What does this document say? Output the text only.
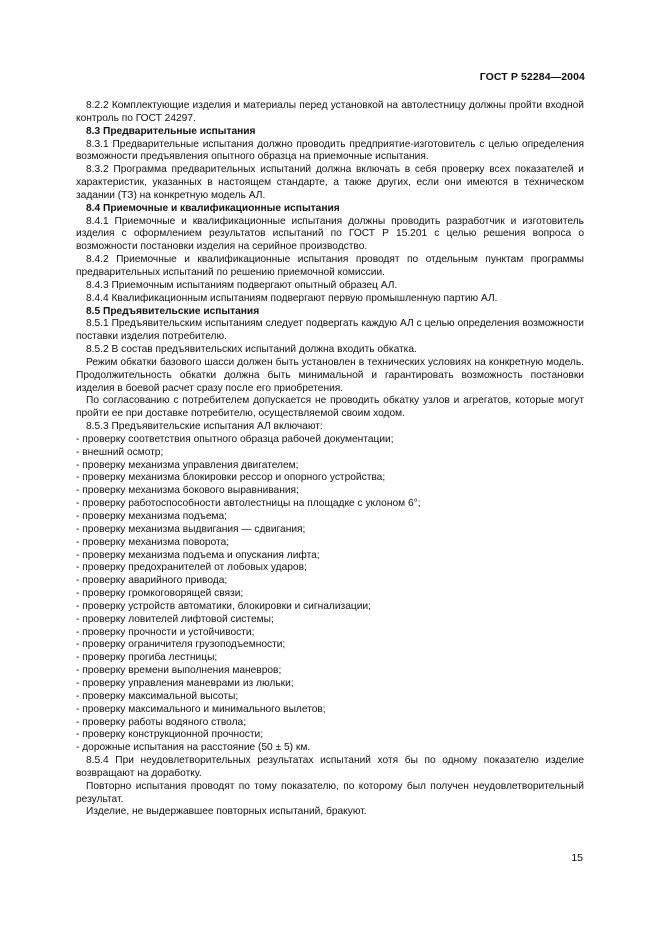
ГОСТ Р 52284—2004

8.2.2 Комплектующие изделия и материалы перед установкой на автолестницу должны пройти входной контроль по ГОСТ 24297.

8.3 Предварительные испытания

8.3.1 Предварительные испытания должно проводить предприятие-изготовитель с целью определения возможности предъявления опытного образца на приемочные испытания.

8.3.2 Программа предварительных испытаний должна включать в себя проверку всех показателей и характеристик, указанных в настоящем стандарте, а также других, если они имеются в техническом задании (ТЗ) на конкретную модель АЛ.

8.4 Приемочные и квалификационные испытания

8.4.1 Приемочные и квалификационные испытания должны проводить разработчик и изготовитель изделия с оформлением результатов испытаний по ГОСТ Р 15.201 с целью решения вопроса о возможности постановки изделия на серийное производство.

8.4.2 Приемочные и квалификационные испытания проводят по отдельным пунктам программы предварительных испытаний по решению приемочной комиссии.

8.4.3 Приемочным испытаниям подвергают опытный образец АЛ.

8.4.4 Квалификационным испытаниям подвергают первую промышленную партию АЛ.

8.5 Предъявительские испытания

8.5.1 Предъявительским испытаниям следует подвергать каждую АЛ с целью определения возможности поставки изделия потребителю.

8.5.2 В состав предъявительских испытаний должна входить обкатка.

Режим обкатки базового шасси должен быть установлен в технических условиях на конкретную модель. Продолжительность обкатки должна быть минимальной и гарантировать возможность постановки изделия в боевой расчет сразу после его приобретения.

По согласованию с потребителем допускается не проводить обкатку узлов и агрегатов, которые могут пройти ее при доставке потребителю, осуществляемой своим ходом.

8.5.3 Предъявительские испытания АЛ включают:

- проверку соответствия опытного образца рабочей документации;

- внешний осмотр;

- проверку механизма управления двигателем;

- проверку механизма блокировки рессор и опорного устройства;

- проверку механизма бокового выравнивания;

- проверку работоспособности автолестницы на площадке с уклоном 6°;

- проверку механизма подъема;

- проверку механизма выдвигания — сдвигания;

- проверку механизма поворота;

- проверку механизма подъема и опускания лифта;

- проверку предохранителей от лобовых ударов;

- проверку аварийного привода;

- проверку громкоговорящей связи;

- проверку устройств автоматики, блокировки и сигнализации;

- проверку ловителей лифтовой системы;

- проверку прочности и устойчивости;

- проверку ограничителя грузоподъемности;

- проверку прогиба лестницы;

- проверку времени выполнения маневров;

- проверку управления маневрами из люльки;

- проверку максимальной высоты;

- проверку максимального и минимального вылетов;

- проверку работы водяного ствола;

- проверку конструкционной прочности;

- дорожные испытания на расстояние (50 ± 5) км.

8.5.4 При неудовлетворительных результатах испытаний хотя бы по одному показателю изделие возвращают на доработку.

Повторно испытания проводят по тому показателю, по которому был получен неудовлетворительный результат.

Изделие, не выдержавшее повторных испытаний, бракуют.

15
